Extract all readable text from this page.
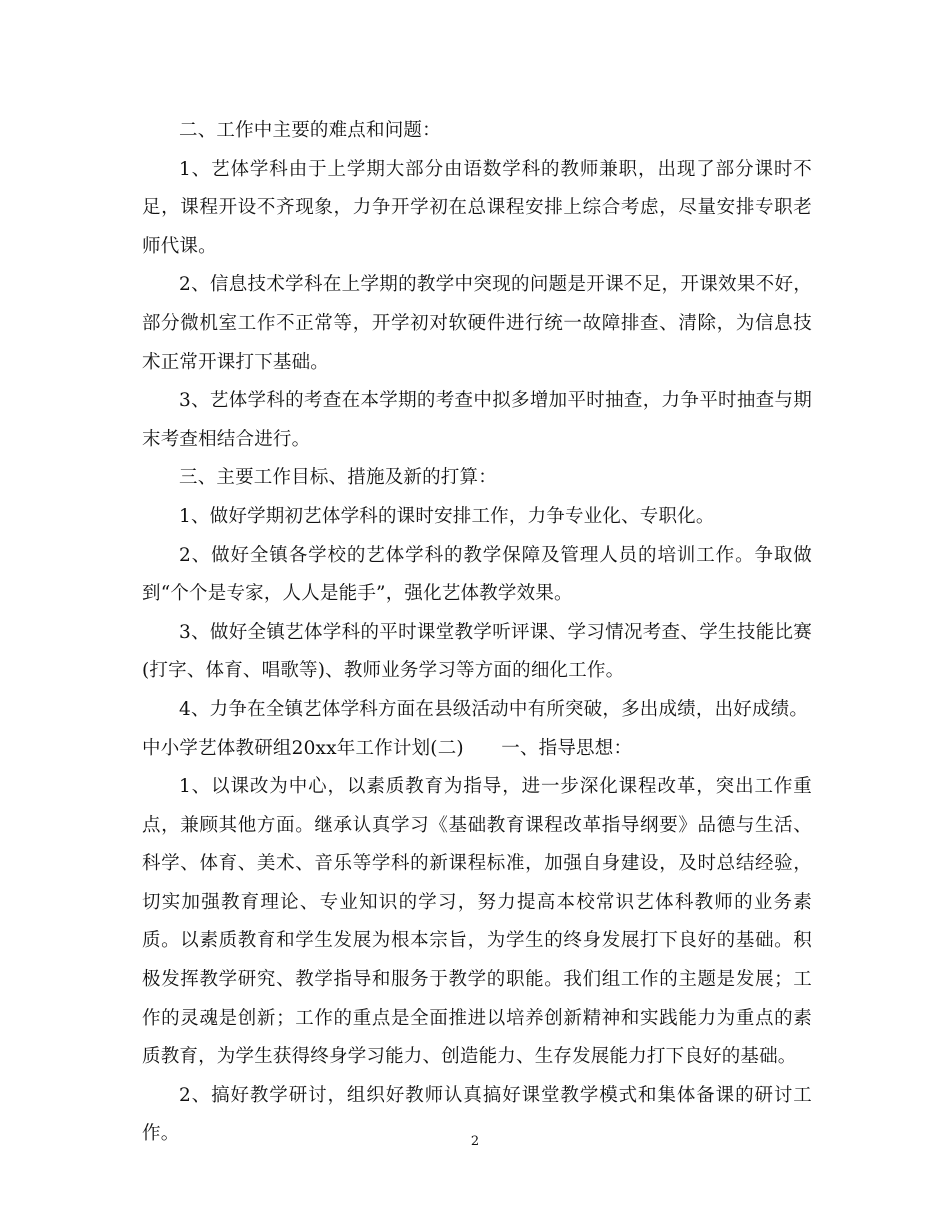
二、工作中主要的难点和问题：

1、艺体学科由于上学期大部分由语数学科的教师兼职，出现了部分课时不足，课程开设不齐现象，力争开学初在总课程安排上综合考虑，尽量安排专职老师代课。

2、信息技术学科在上学期的教学中突现的问题是开课不足，开课效果不好，部分微机室工作不正常等，开学初对软硬件进行统一故障排查、清除，为信息技术正常开课打下基础。

3、艺体学科的考查在本学期的考查中拟多增加平时抽查，力争平时抽查与期末考查相结合进行。

三、主要工作目标、措施及新的打算：

1、做好学期初艺体学科的课时安排工作，力争专业化、专职化。

2、做好全镇各学校的艺体学科的教学保障及管理人员的培训工作。争取做到“个个是专家，人人是能手”，强化艺体教学效果。

3、做好全镇艺体学科的平时课堂教学听评课、学习情况考查、学生技能比赛(打字、体育、唱歌等)、教师业务学习等方面的细化工作。

4、力争在全镇艺体学科方面在县级活动中有所突破，多出成绩，出好成绩。

中小学艺体教研组20xx年工作计划(二)　　一、指导思想：

1、以课改为中心，以素质教育为指导，进一步深化课程改革，突出工作重点，兼顾其他方面。继承认真学习《基础教育课程改革指导纲要》品德与生活、科学、体育、美术、音乐等学科的新课程标准，加强自身建设，及时总结经验，切实加强教育理论、专业知识的学习，努力提高本校常识艺体科教师的业务素质。以素质教育和学生发展为根本宗旨，为学生的终身发展打下良好的基础。积极发挥教学研究、教学指导和服务于教学的职能。我们组工作的主题是发展；工作的灵魂是创新；工作的重点是全面推进以培养创新精神和实践能力为重点的素质教育，为学生获得终身学习能力、创造能力、生存发展能力打下良好的基础。

2、搞好教学研讨，组织好教师认真搞好课堂教学模式和集体备课的研讨工作。	2
